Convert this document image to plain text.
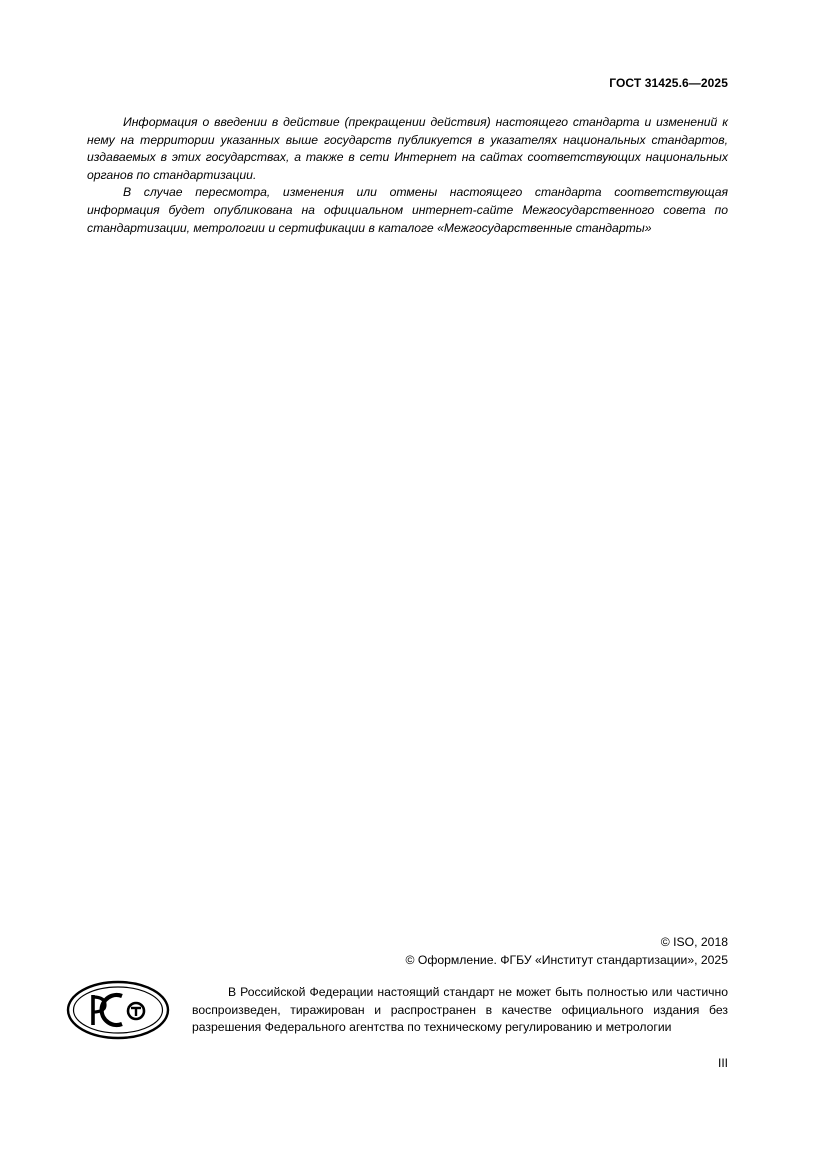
ГОСТ 31425.6—2025

Информация о введении в действие (прекращении действия) настоящего стандарта и изменений к нему на территории указанных выше государств публикуется в указателях национальных стандартов, издаваемых в этих государствах, а также в сети Интернет на сайтах соответствующих национальных органов по стандартизации.

В случае пересмотра, изменения или отмены настоящего стандарта соответствующая информация будет опубликована на официальном интернет-сайте Межгосударственного совета по стандартизации, метрологии и сертификации в каталоге «Межгосударственные стандарты»

© ISO, 2018
© Оформление. ФГБУ «Институт стандартизации», 2025

В Российской Федерации настоящий стандарт не может быть полностью или частично воспроизведен, тиражирован и распространен в качестве официального издания без разрешения Федерального агентства по техническому регулированию и метрологии

III
